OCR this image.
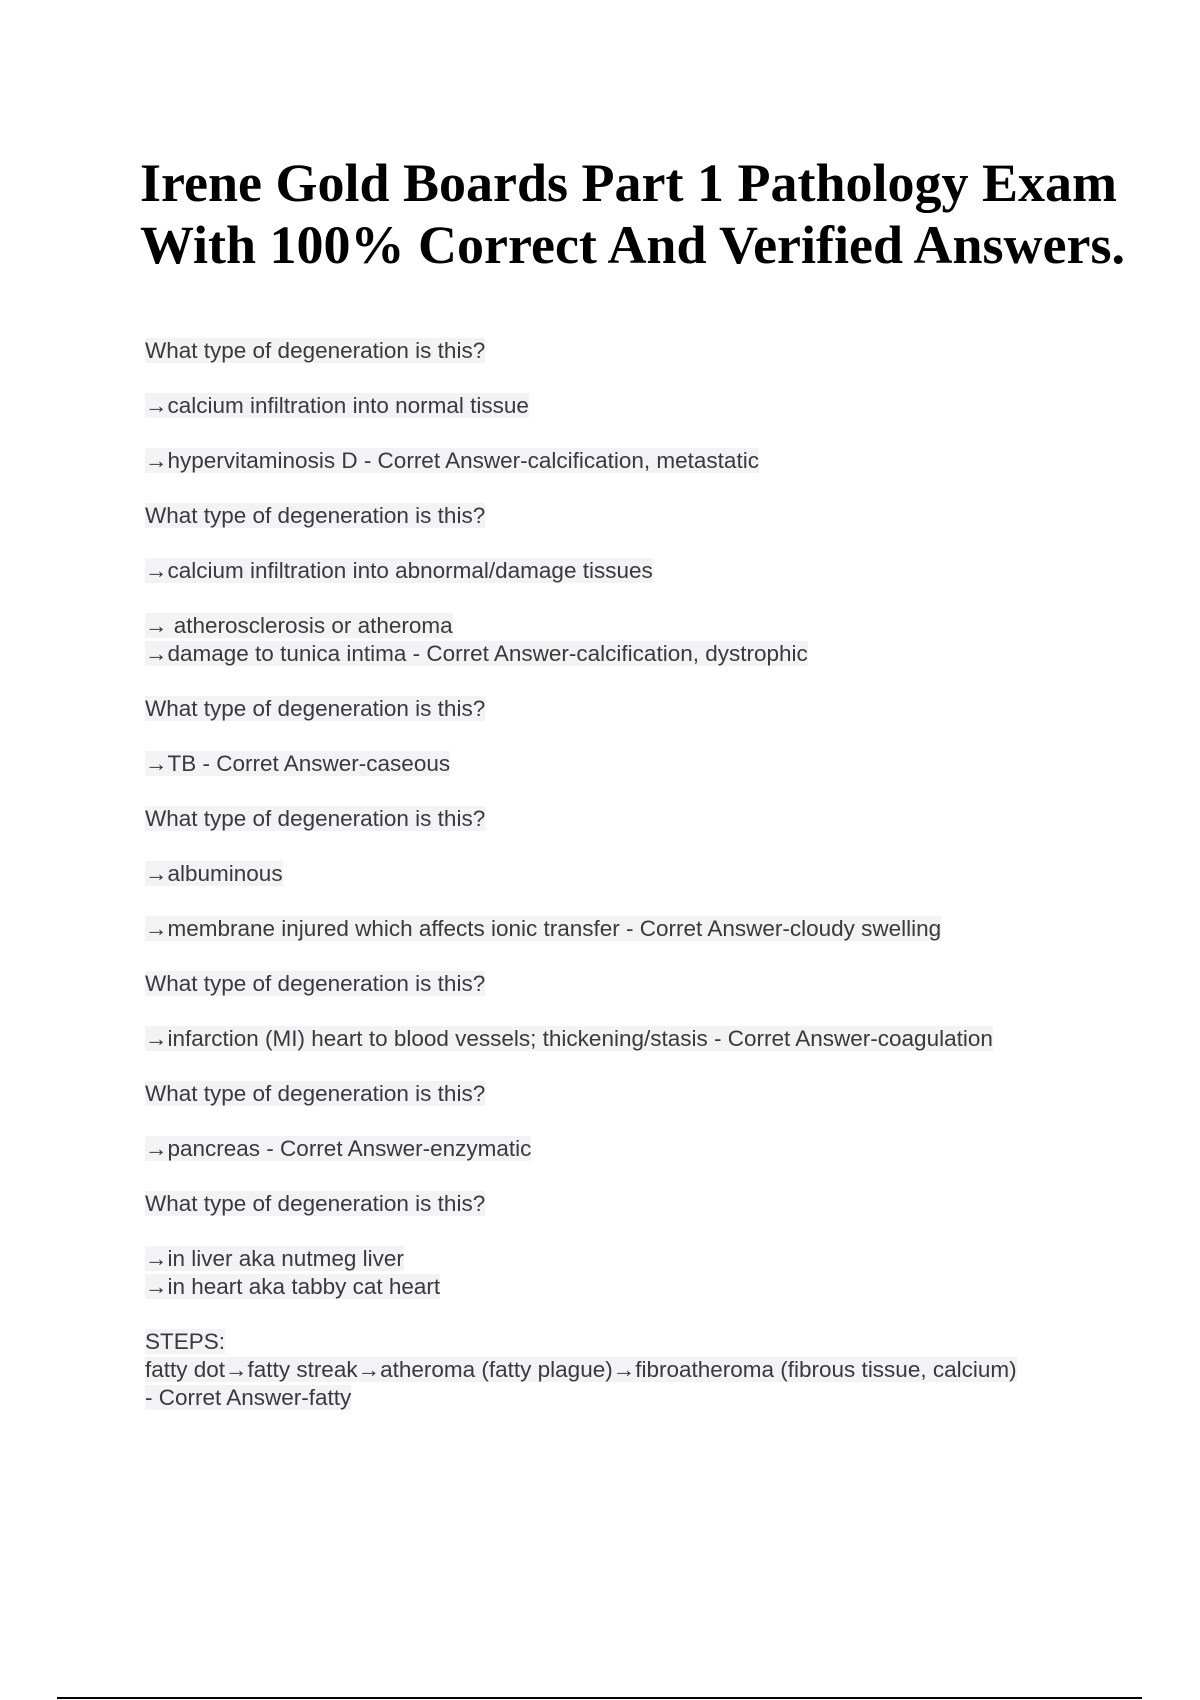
Irene Gold Boards Part 1 Pathology Exam
With 100% Correct And Verified Answers.

What type of degeneration is this?

→calcium infiltration into normal tissue

→hypervitaminosis D - Corret Answer-calcification, metastatic

What type of degeneration is this?

→calcium infiltration into abnormal/damage tissues

→ atherosclerosis or atheroma
→damage to tunica intima - Corret Answer-calcification, dystrophic

What type of degeneration is this?

→TB - Corret Answer-caseous

What type of degeneration is this?

→albuminous

→membrane injured which affects ionic transfer - Corret Answer-cloudy swelling

What type of degeneration is this?

→infarction (MI) heart to blood vessels; thickening/stasis - Corret Answer-coagulation

What type of degeneration is this?

→pancreas - Corret Answer-enzymatic

What type of degeneration is this?

→in liver aka nutmeg liver
→in heart aka tabby cat heart

STEPS:
fatty dot→fatty streak→atheroma (fatty plague)→fibroatheroma (fibrous tissue, calcium)
- Corret Answer-fatty
